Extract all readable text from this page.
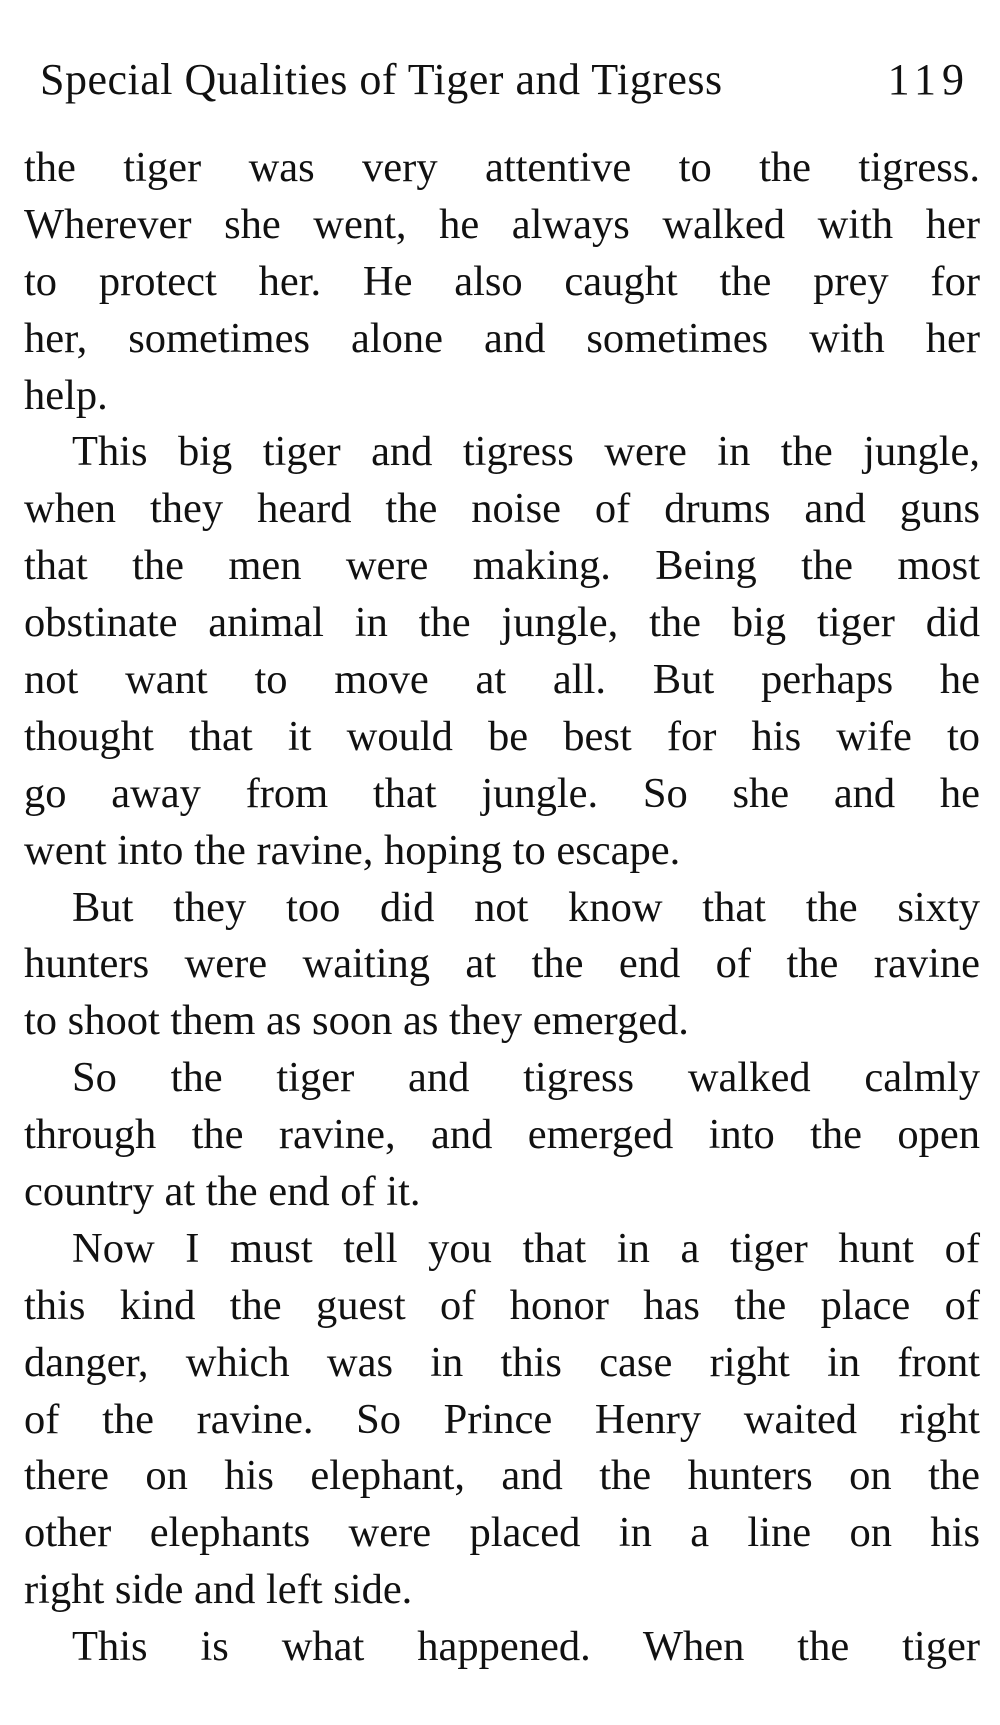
Special Qualities of Tiger and Tigress	119
the tiger was very attentive to the tigress.
Wherever she went, he always walked with her
to protect her. He also caught the prey for
her, sometimes alone and sometimes with her
help.
This big tiger and tigress were in the jungle,
when they heard the noise of drums and guns
that the men were making. Being the most
obstinate animal in the jungle, the big tiger did
not want to move at all. But perhaps he
thought that it would be best for his wife to
go away from that jungle. So she and he
went into the ravine, hoping to escape.
But they too did not know that the sixty
hunters were waiting at the end of the ravine
to shoot them as soon as they emerged.
So the tiger and tigress walked calmly
through the ravine, and emerged into the open
country at the end of it.
Now I must tell you that in a tiger hunt of
this kind the guest of honor has the place of
danger, which was in this case right in front
of the ravine. So Prince Henry waited right
there on his elephant, and the hunters on the
other elephants were placed in a line on his
right side and left side.
This is what happened. When the tiger
